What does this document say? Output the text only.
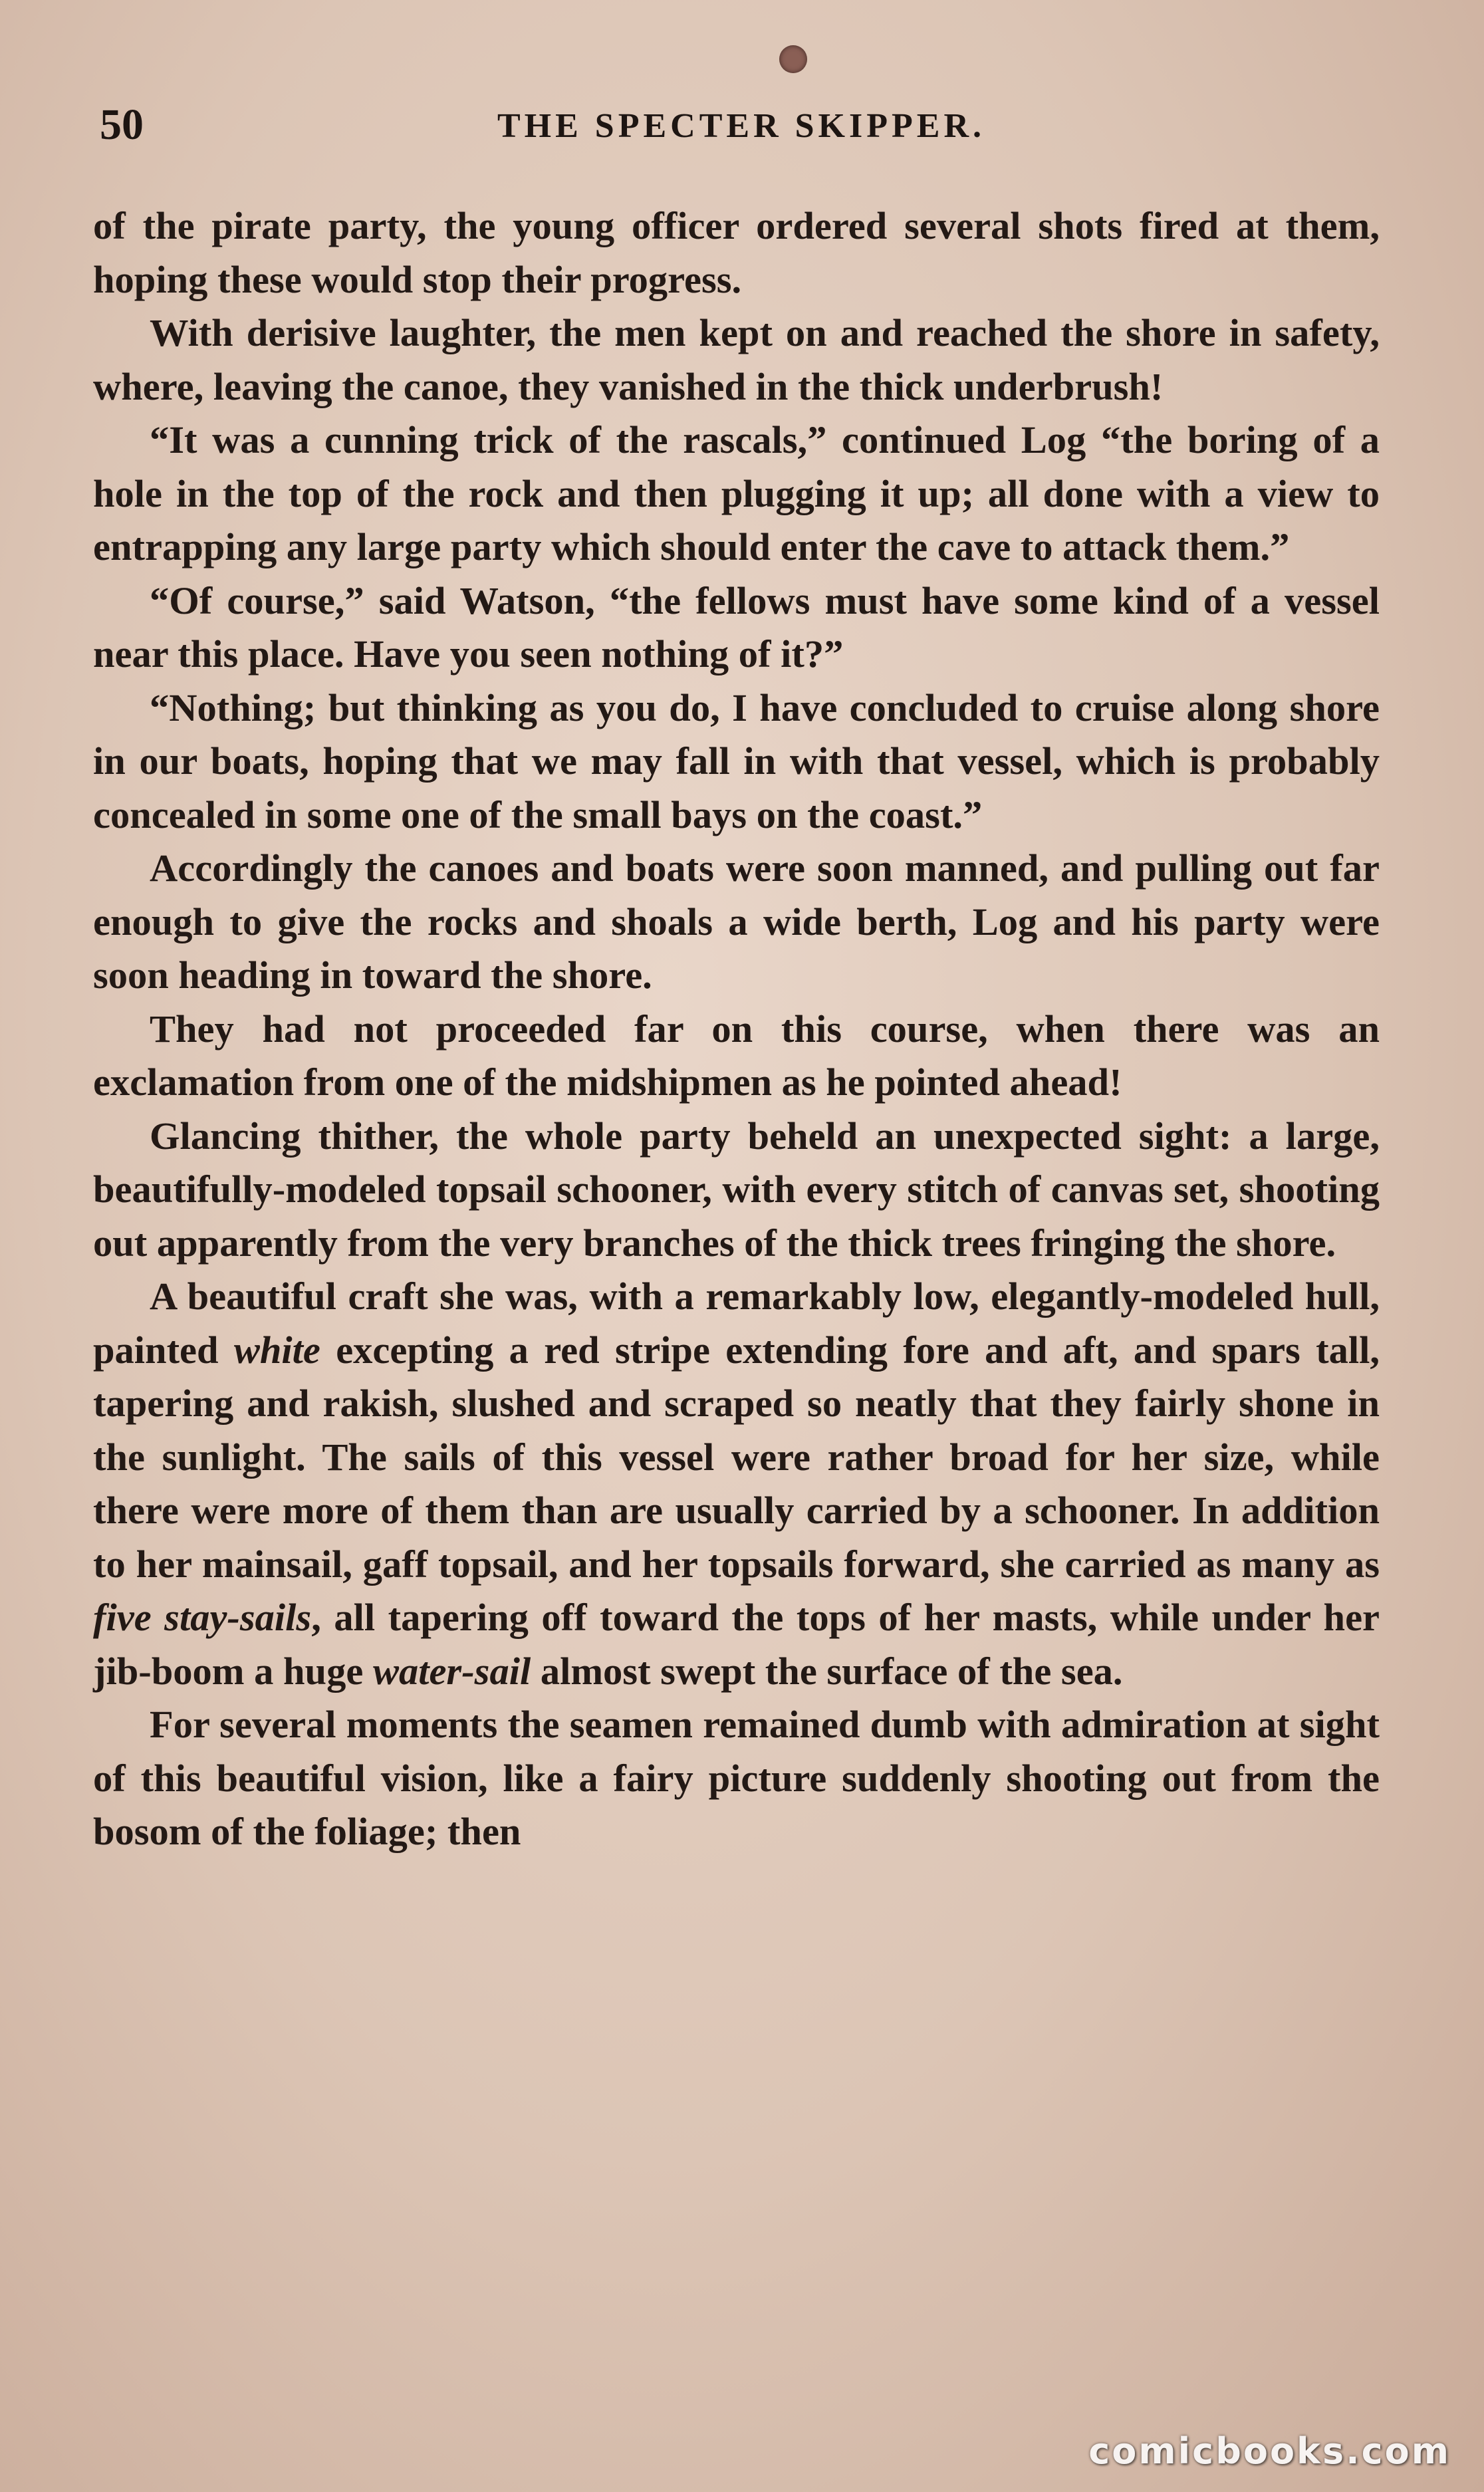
50	THE SPECTER SKIPPER.

of the pirate party, the young officer ordered several shots fired at them, hoping these would stop their progress.

With derisive laughter, the men kept on and reached the shore in safety, where, leaving the canoe, they vanished in the thick underbrush!

“It was a cunning trick of the rascals,” continued Log “the boring of a hole in the top of the rock and then plugging it up; all done with a view to entrapping any large party which should enter the cave to attack them.”

“Of course,” said Watson, “the fellows must have some kind of a vessel near this place. Have you seen nothing of it?”

“Nothing; but thinking as you do, I have concluded to cruise along shore in our boats, hoping that we may fall in with that vessel, which is probably concealed in some one of the small bays on the coast.”

Accordingly the canoes and boats were soon manned, and pulling out far enough to give the rocks and shoals a wide berth, Log and his party were soon heading in toward the shore.

They had not proceeded far on this course, when there was an exclamation from one of the midshipmen as he pointed ahead!

Glancing thither, the whole party beheld an unexpected sight: a large, beautifully-modeled topsail schooner, with every stitch of canvas set, shooting out apparently from the very branches of the thick trees fringing the shore.

A beautiful craft she was, with a remarkably low, elegantly-modeled hull, painted white excepting a red stripe extending fore and aft, and spars tall, tapering and rakish, slushed and scraped so neatly that they fairly shone in the sunlight. The sails of this vessel were rather broad for her size, while there were more of them than are usually carried by a schooner. In addition to her mainsail, gaff topsail, and her topsails forward, she carried as many as five stay-sails, all tapering off toward the tops of her masts, while under her jib-boom a huge water-sail almost swept the surface of the sea.

For several moments the seamen remained dumb with admiration at sight of this beautiful vision, like a fairy picture suddenly shooting out from the bosom of the foliage; then

comicbooks.com
